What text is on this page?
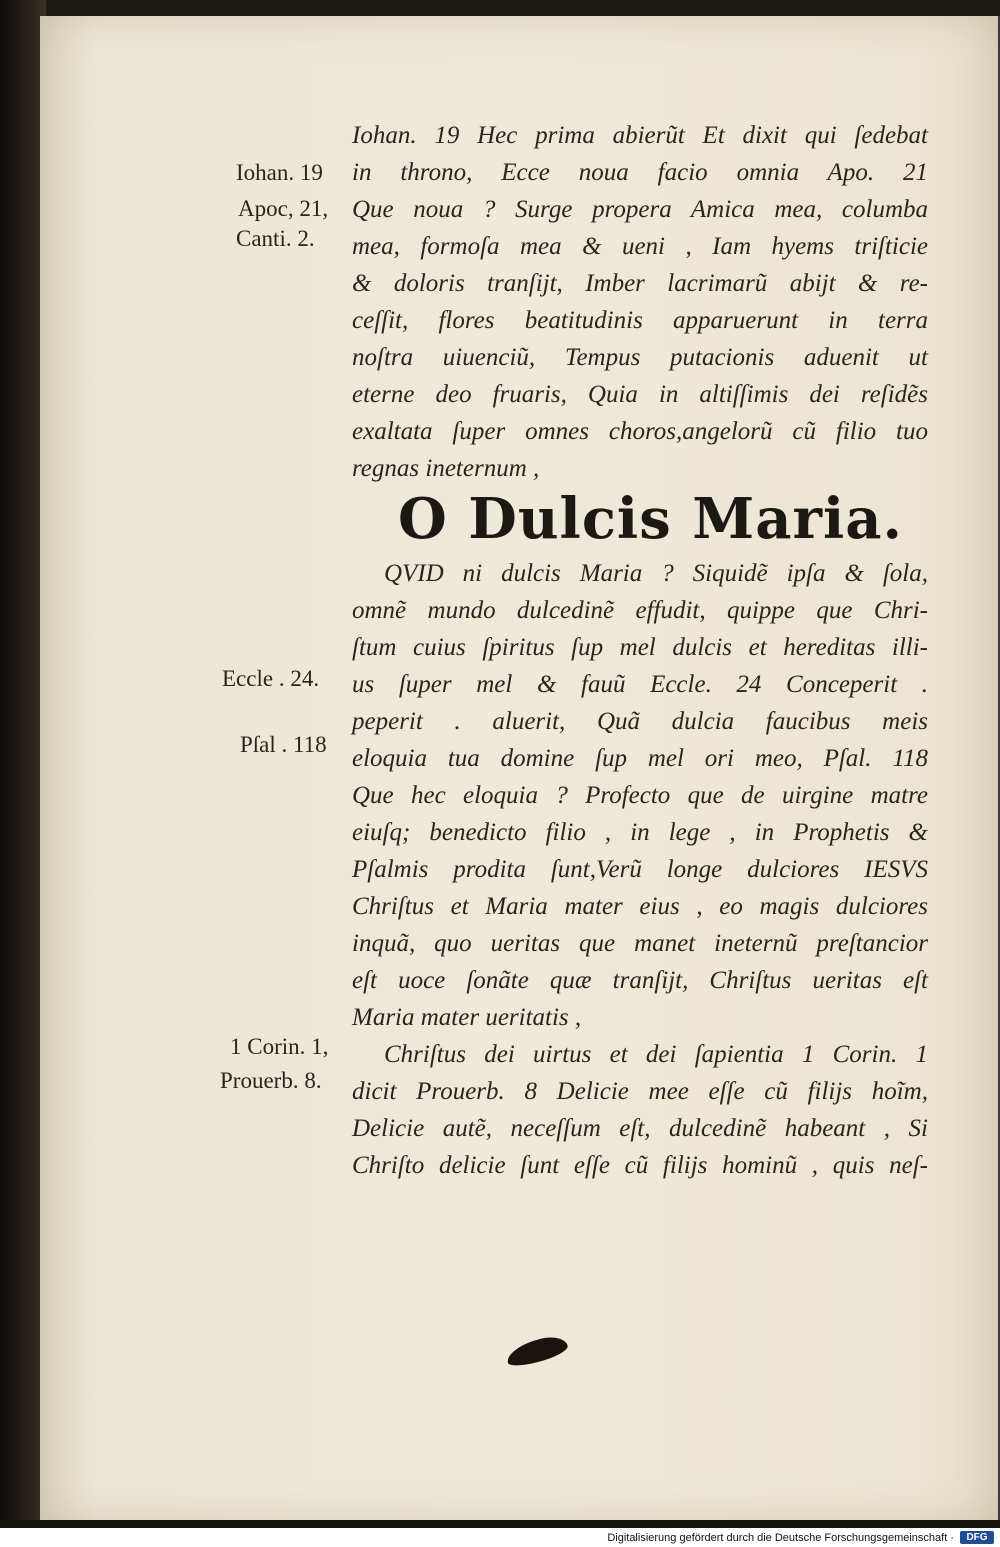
Iohan. 19 Hec prima abierũt Et dixit qui ſedebat
in throno, Ecce noua facio omnia Apo. 21
Que noua ? Surge propera Amica mea, columba
mea, formoſa mea & ueni , Iam hyems triſticie
& doloris tranſijt, Imber lacrimarũ abijt & re-
ceſſit, flores beatitudinis apparuerunt in terra
noſtra uiuenciũ, Tempus putacionis aduenit ut
eterne deo fruaris, Quia in altiſſimis dei reſidẽs
exaltata ſuper omnes choros,angelorũ cũ filio tuo
regnas ineternum ,
O Dulcis Maria.
QVID ni dulcis Maria ? Siquidẽ ipſa & ſola,
omnẽ mundo dulcedinẽ effudit, quippe que Chri-
ſtum cuius ſpiritus ſup mel dulcis et hereditas illi-
us ſuper mel & fauũ Eccle. 24 Conceperit .
peperit . aluerit, Quã dulcia faucibus meis
eloquia tua domine ſup mel ori meo, Pſal. 118
Que hec eloquia ? Profecto que de uirgine matre
eiuſq; benedicto filio , in lege , in Prophetis &
Pſalmis prodita ſunt,Verũ longe dulciores IESVS
Chriſtus et Maria mater eius , eo magis dulciores
inquã, quo ueritas que manet ineternũ preſtancior
eſt uoce ſonãte quæ tranſijt, Chriſtus ueritas eſt
Maria mater ueritatis ,
Chriſtus dei uirtus et dei ſapientia 1 Corin. 1
dicit Prouerb. 8 Delicie mee eſſe cũ filijs hoĩm,
Delicie autẽ, neceſſum eſt, dulcedinẽ habeant , Si
Chriſto delicie ſunt eſſe cũ filijs hominũ , quis neſ-
Iohan. 19
Apoc, 21,
Canti. 2.
Eccle . 24.
Pſal . 118
1 Corin. 1,
Prouerb. 8.
Digitalisierung gefördert durch die Deutsche Forschungsgemeinschaft ·	DFG
